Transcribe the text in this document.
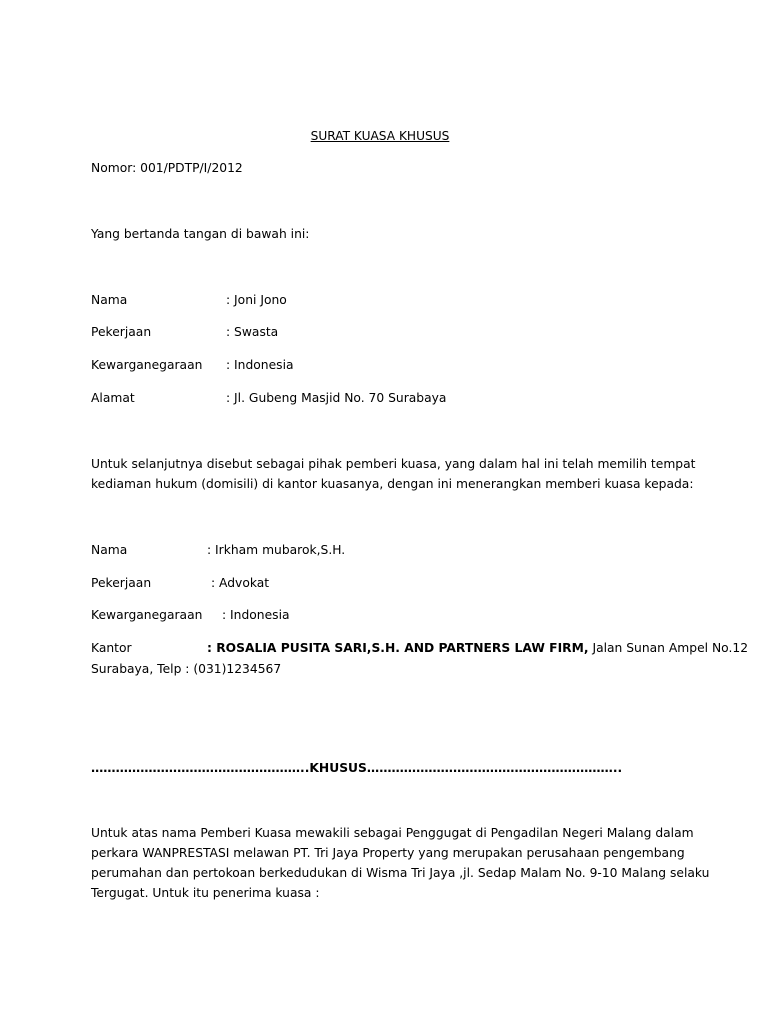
SURAT KUASA KHUSUS
Nomor: 001/PDTP/I/2012
Yang bertanda tangan di bawah ini:
Nama	: Joni Jono
Pekerjaan	: Swasta
Kewarganegaraan : Indonesia
Alamat	: Jl. Gubeng Masjid No. 70 Surabaya
Untuk selanjutnya disebut sebagai pihak pemberi kuasa, yang dalam hal ini telah memilih tempat
kediaman hukum (domisili) di kantor kuasanya, dengan ini menerangkan memberi kuasa kepada:
Nama	: Irkham mubarok,S.H.
Pekerjaan	: Advokat
Kewarganegaraan : Indonesia
Kantor	: ROSALIA PUSITA SARI,S.H. AND PARTNERS LAW FIRM, Jalan Sunan Ampel No.12
Surabaya, Telp : (031)1234567
……………………………………………..KHUSUS……………………………………………………..
Untuk atas nama Pemberi Kuasa mewakili sebagai Penggugat di Pengadilan Negeri Malang dalam
perkara WANPRESTASI melawan PT. Tri Jaya Property yang merupakan perusahaan pengembang
perumahan dan pertokoan berkedudukan di Wisma Tri Jaya ,jl. Sedap Malam No. 9-10 Malang selaku
Tergugat. Untuk itu penerima kuasa :
